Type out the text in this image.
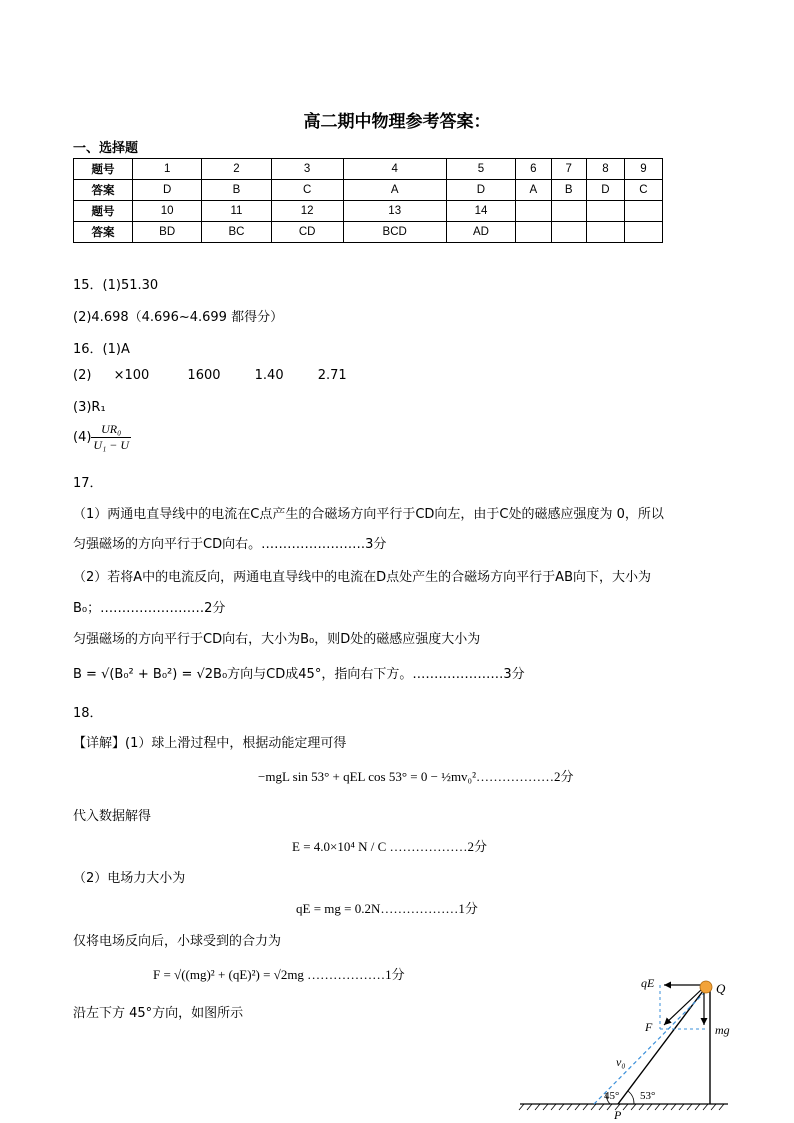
高二期中物理参考答案：
一、选择题
题号	1	2	3	4	5	6	7	8	9
答案	D	B	C	A	D	A	B	D	C
题号	10	11	12	13	14				
答案	BD	BC	CD	BCD	AD				
15．(1)51.30
(2)4.698（4.696~4.699 都得分）
16．(1)A
(2) ×100	1600	1.40	2.71
(3)R₁
$(4) \frac{\text{UR₀}}{\text{U₁ − U}}$
17．
（1）两通电直导线中的电流在C点产生的合磁场方向平行于CD向左，由于C处的磁感应强度为 0，所以
匀强磁场的方向平行于CD向右。……………………3分
（2）若将A中的电流反向，两通电直导线中的电流在D点处产生的合磁场方向平行于AB向下，大小为
B₀；……………………2分
匀强磁场的方向平行于CD向右，大小为B₀，则D处的磁感应强度大小为
B = √(B₀² + B₀²) = √2B₀方向与CD成45°，指向右下方。…………………3分
18．
【详解】(1）球上滑过程中，根据动能定理可得
−mgL sin 53° + qEL cos 53° = 0 − ½mv₀²………………2分
代入数据解得
E = 4.0×10⁴ N / C ………………2分
（2）电场力大小为
qE = mg = 0.2N………………1分
仅将电场反向后，小球受到的合力为
F = √((mg)² + (qE)²) = √2mg ………………1分
沿左下方 45°方向，如图所示
qE	Q
F	mg
v₀
45° 53°
P
